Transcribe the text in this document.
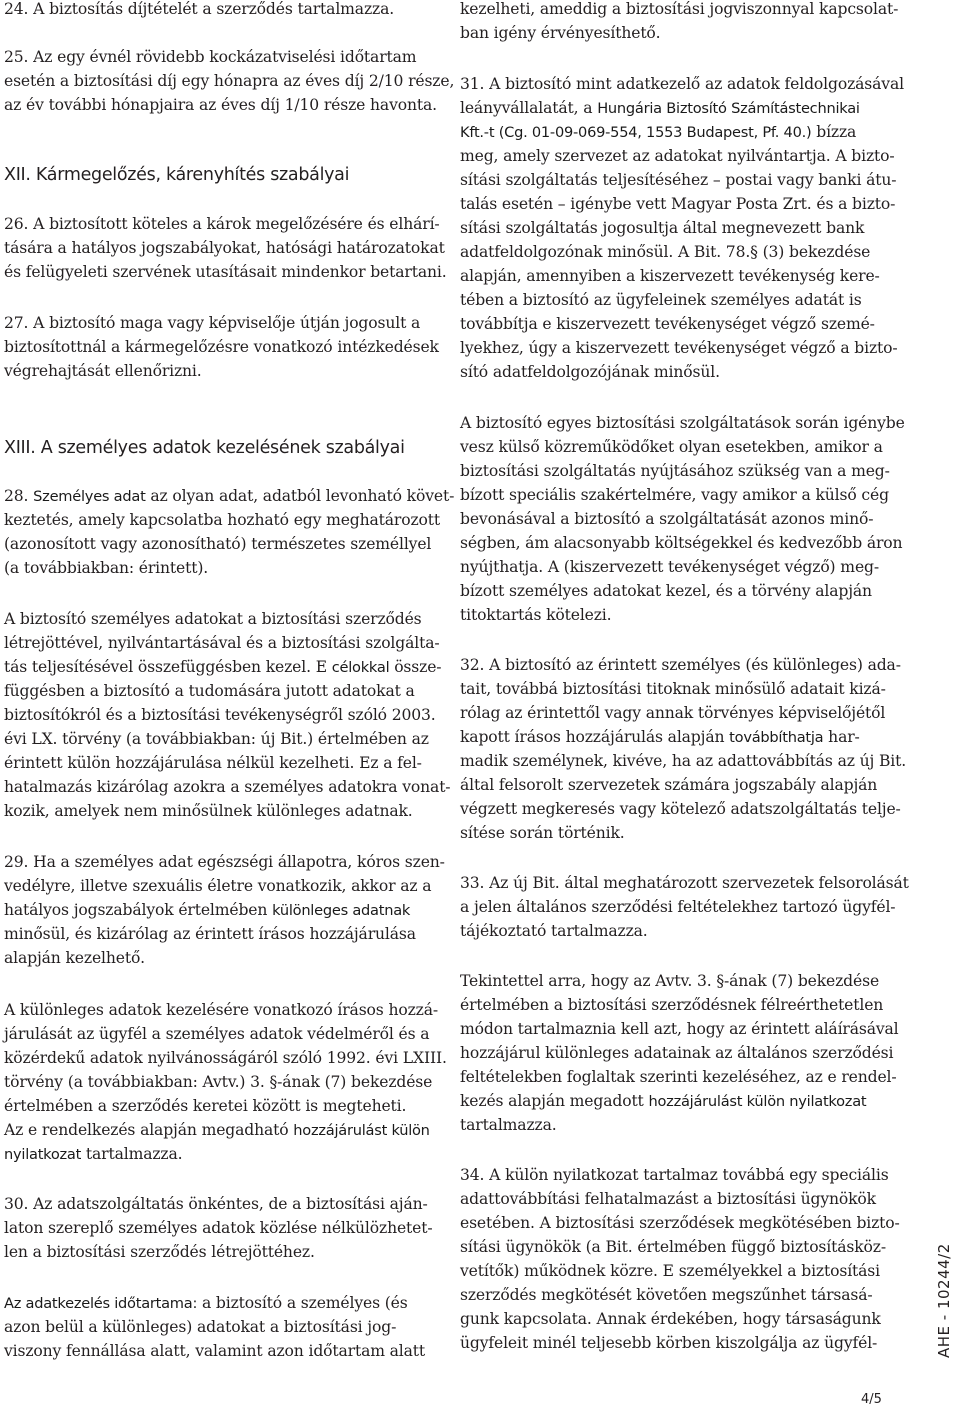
24. A biztosítás díjtételét a szerződés tartalmazza.
25. Az egy évnél rövidebb kockázatviselési időtartam
esetén a biztosítási díj egy hónapra az éves díj 2/10 része,
az év további hónapjaira az éves díj 1/10 része havonta.
XII. Kármegelőzés, kárenyhítés szabályai
26. A biztosított köteles a károk megelőzésére és elhárí-
tására a hatályos jogszabályokat, hatósági határozatokat
és felügyeleti szervének utasításait mindenkor betartani.
27. A biztosító maga vagy képviselője útján jogosult a
biztosítottnál a kármegelőzésre vonatkozó intézkedések
végrehajtását ellenőrizni.
XIII. A személyes adatok kezelésének szabályai
28. Személyes adat az olyan adat, adatból levonható követ-
keztetés, amely kapcsolatba hozható egy meghatározott
(azonosított vagy azonosítható) természetes személlyel
(a továbbiakban: érintett).
A biztosító személyes adatokat a biztosítási szerződés
létrejöttével, nyilvántartásával és a biztosítási szolgálta-
tás teljesítésével összefüggésben kezel. E célokkal össze-
függésben a biztosító a tudomására jutott adatokat a
biztosítókról és a biztosítási tevékenységről szóló 2003.
évi LX. törvény (a továbbiakban: új Bit.) értelmében az
érintett külön hozzájárulása nélkül kezelheti. Ez a fel-
hatalmazás kizárólag azokra a személyes adatokra vonat-
kozik, amelyek nem minősülnek különleges adatnak.
29. Ha a személyes adat egészségi állapotra, kóros szen-
vedélyre, illetve szexuális életre vonatkozik, akkor az a
hatályos jogszabályok értelmében különleges adatnak
minősül, és kizárólag az érintett írásos hozzájárulása
alapján kezelhető.
A különleges adatok kezelésére vonatkozó írásos hozzá-
járulását az ügyfél a személyes adatok védelméről és a
közérdekű adatok nyilvánosságáról szóló 1992. évi LXIII.
törvény (a továbbiakban: Avtv.) 3. §-ának (7) bekezdése
értelmében a szerződés keretei között is megteheti.
Az e rendelkezés alapján megadható hozzájárulást külön
nyilatkozat tartalmazza.
30. Az adatszolgáltatás önkéntes, de a biztosítási aján-
laton szereplő személyes adatok közlése nélkülözhetet-
len a biztosítási szerződés létrejöttéhez.
Az adatkezelés időtartama: a biztosító a személyes (és
azon belül a különleges) adatokat a biztosítási jog-
viszony fennállása alatt, valamint azon időtartam alatt
kezelheti, ameddig a biztosítási jogviszonnyal kapcsolat-
ban igény érvényesíthető.
31. A biztosító mint adatkezelő az adatok feldolgozásával
leányvállalatát, a Hungária Biztosító Számítástechnikai
Kft.-t (Cg. 01-09-069-554, 1553 Budapest, Pf. 40.) bízza
meg, amely szervezet az adatokat nyilvántartja. A bizto-
sítási szolgáltatás teljesítéséhez – postai vagy banki átu-
talás esetén – igénybe vett Magyar Posta Zrt. és a bizto-
sítási szolgáltatás jogosultja által megnevezett bank
adatfeldolgozónak minősül. A Bit. 78.§ (3) bekezdése
alapján, amennyiben a kiszervezett tevékenység kere-
tében a biztosító az ügyfeleinek személyes adatát is
továbbítja e kiszervezett tevékenységet végző szemé-
lyekhez, úgy a kiszervezett tevékenységet végző a bizto-
sító adatfeldolgozójának minősül.
A biztosító egyes biztosítási szolgáltatások során igénybe
vesz külső közreműködőket olyan esetekben, amikor a
biztosítási szolgáltatás nyújtásához szükség van a meg-
bízott speciális szakértelmére, vagy amikor a külső cég
bevonásával a biztosító a szolgáltatását azonos minő-
ségben, ám alacsonyabb költségekkel és kedvezőbb áron
nyújthatja. A (kiszervezett tevékenységet végző) meg-
bízott személyes adatokat kezel, és a törvény alapján
titoktartás kötelezi.
32. A biztosító az érintett személyes (és különleges) ada-
tait, továbbá biztosítási titoknak minősülő adatait kizá-
rólag az érintettől vagy annak törvényes képviselőjétől
kapott írásos hozzájárulás alapján továbbíthatja har-
madik személynek, kivéve, ha az adattovábbítás az új Bit.
által felsorolt szervezetek számára jogszabály alapján
végzett megkeresés vagy kötelező adatszolgáltatás telje-
sítése során történik.
33. Az új Bit. által meghatározott szervezetek felsorolását
a jelen általános szerződési feltételekhez tartozó ügyfél-
tájékoztató tartalmazza.
Tekintettel arra, hogy az Avtv. 3. §-ának (7) bekezdése
értelmében a biztosítási szerződésnek félreérthetetlen
módon tartalmaznia kell azt, hogy az érintett aláírásával
hozzájárul különleges adatainak az általános szerződési
feltételekben foglaltak szerinti kezeléséhez, az e rendel-
kezés alapján megadott hozzájárulást külön nyilatkozat
tartalmazza.
34. A külön nyilatkozat tartalmaz továbbá egy speciális
adattovábbítási felhatalmazást a biztosítási ügynökök
esetében. A biztosítási szerződések megkötésében bizto-
sítási ügynökök (a Bit. értelmében függő biztosításköz-
vetítők) működnek közre. E személyekkel a biztosítási
szerződés megkötését követően megszűnhet társasá-
gunk kapcsolata. Annak érdekében, hogy társaságunk
ügyfeleit minél teljesebb körben kiszolgálja az ügyfél-	AHE - 10244/2
4/5
